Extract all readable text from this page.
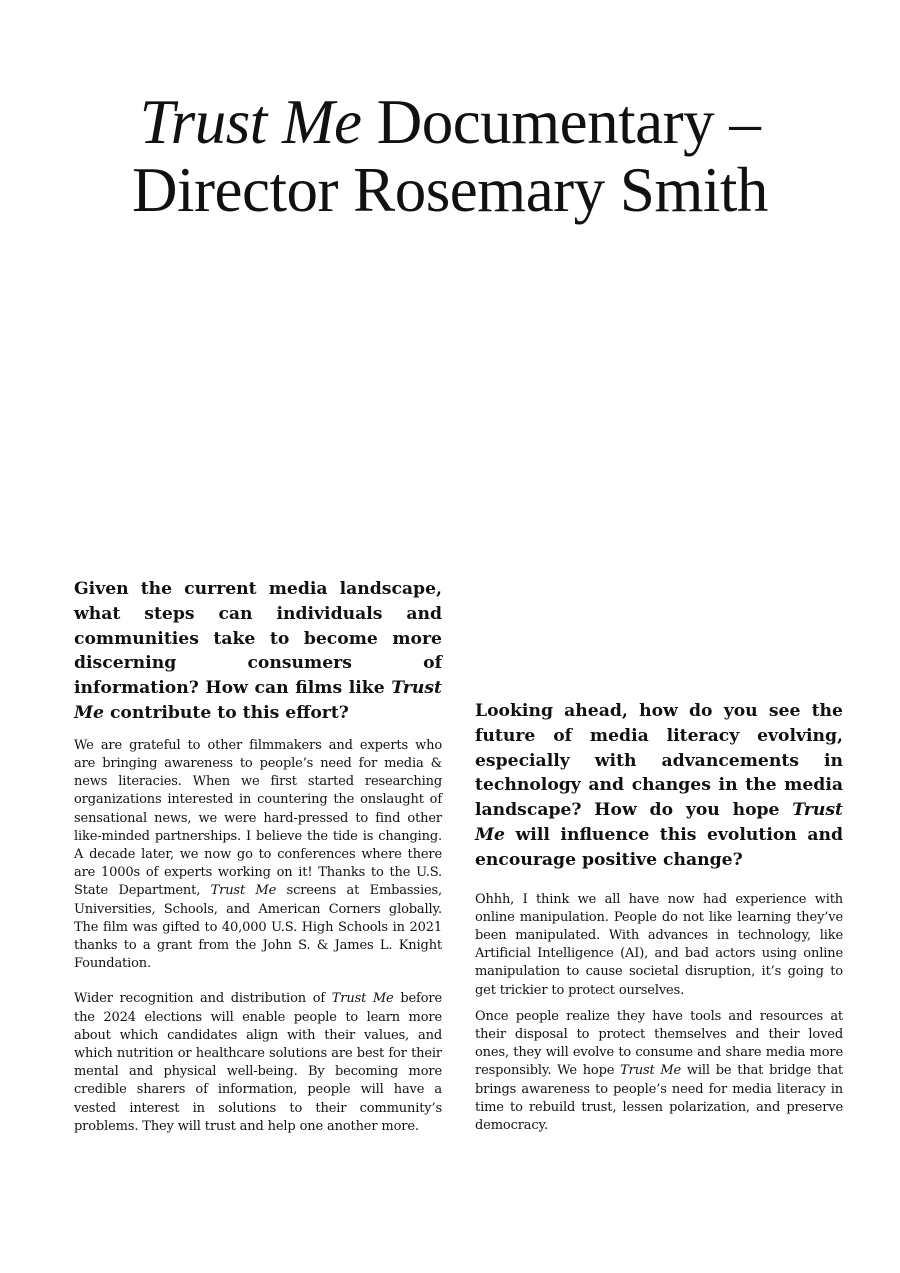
Trust Me Documentary – Director Rosemary Smith
Given the current media landscape, what steps can individuals and communities take to become more discerning consumers of information? How can films like Trust Me contribute to this effort?

We are grateful to other filmmakers and experts who are bringing awareness to people’s need for media & news literacies. When we first started researching organizations interested in countering the onslaught of sensational news, we were hard-pressed to find other like-minded partnerships. I believe the tide is changing. A decade later, we now go to conferences where there are 1000s of experts working on it! Thanks to the U.S. State Department, Trust Me screens at Embassies, Universities, Schools, and American Corners globally. The film was gifted to 40,000 U.S. High Schools in 2021 thanks to a grant from the John S. & James L. Knight Foundation.

Wider recognition and distribution of Trust Me before the 2024 elections will enable people to learn more about which candidates align with their values, and which nutrition or healthcare solutions are best for their mental and physical well-being. By becoming more credible sharers of information, people will have a vested interest in solutions to their community’s problems. They will trust and help one another more.

Looking ahead, how do you see the future of media literacy evolving, especially with advancements in technology and changes in the media landscape? How do you hope Trust Me will influence this evolution and encourage positive change?

Ohhh, I think we all have now had experience with online manipulation. People do not like learning they’ve been manipulated. With advances in technology, like Artificial Intelligence (AI), and bad actors using online manipulation to cause societal disruption, it’s going to get trickier to protect ourselves.

Once people realize they have tools and resources at their disposal to protect themselves and their loved ones, they will evolve to consume and share media more responsibly. We hope Trust Me will be that bridge that brings awareness to people’s need for media literacy in time to rebuild trust, lessen polarization, and preserve democracy.
